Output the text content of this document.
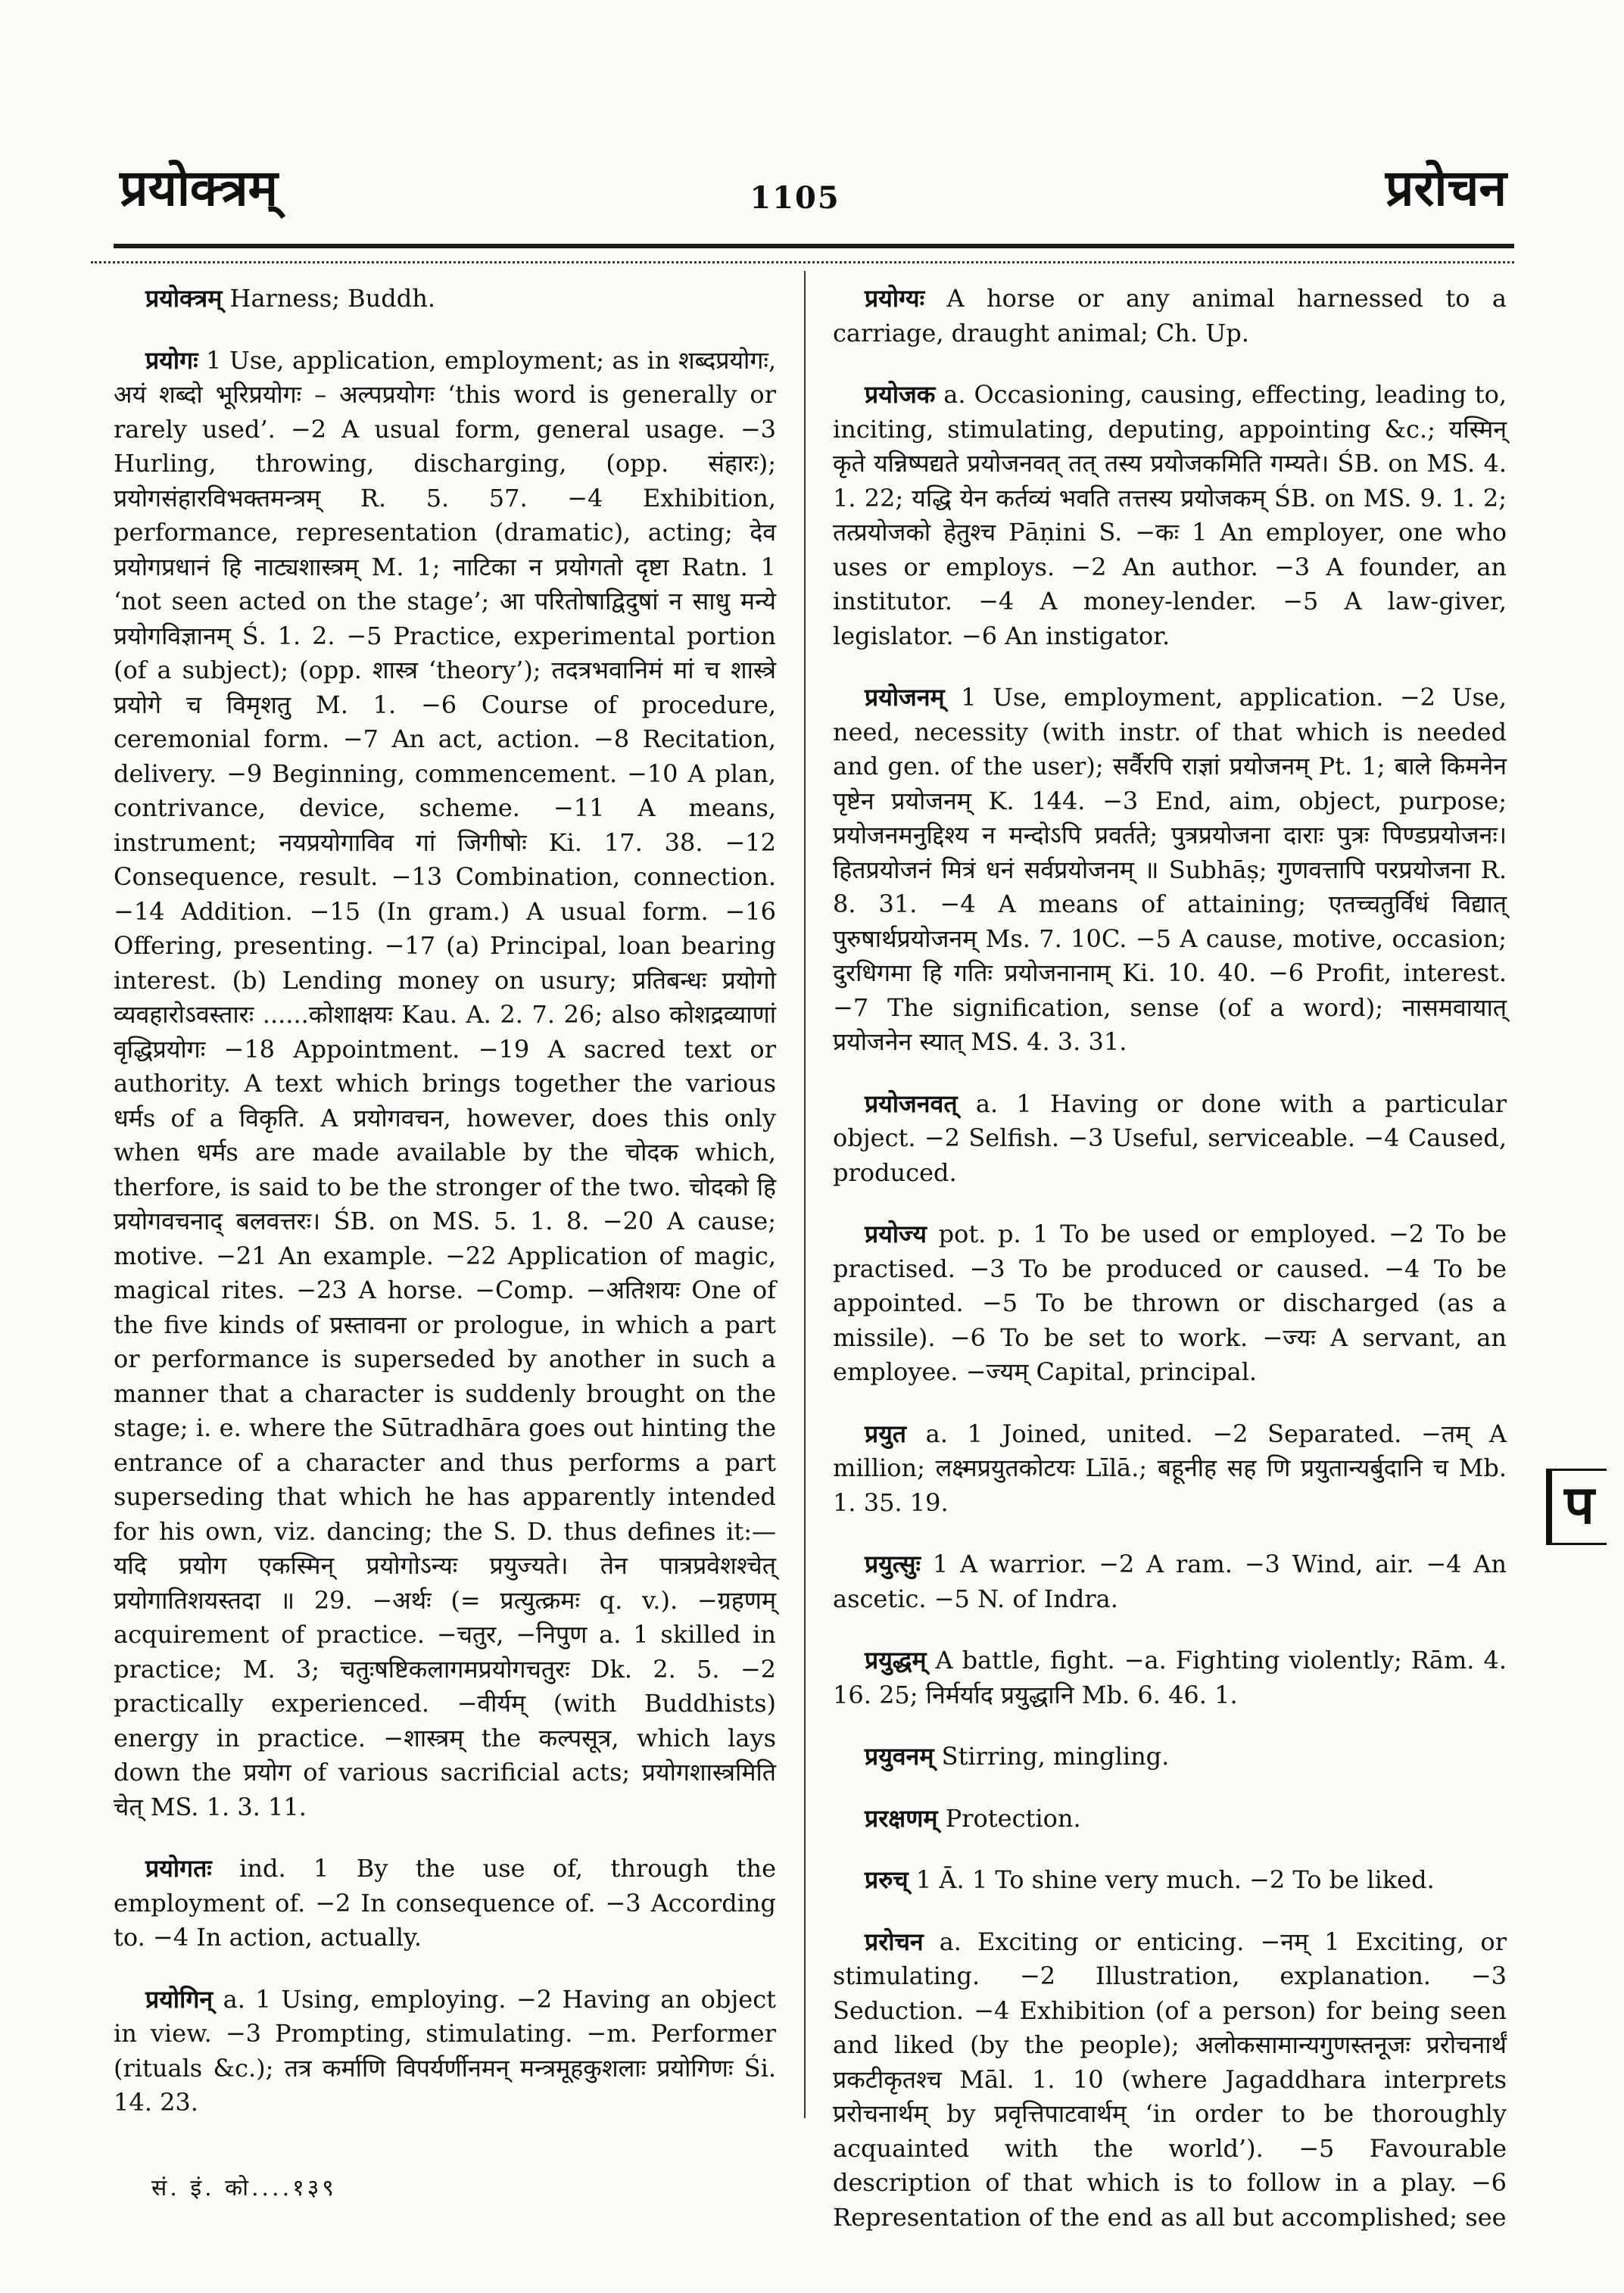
प्रयोक्त्रम्	1105	प्ररोचन

प्रयोक्त्रम् Harness; Buddh.

प्रयोगः 1 Use, application, employment; as in शब्दप्रयोगः, अयं शब्दो भूरिप्रयोगः – अल्पप्रयोगः ‘this word is generally or rarely used’. −2 A usual form, general usage. −3 Hurling, throwing, discharging, (opp. संहारः); प्रयोगसंहारविभक्तमन्त्रम् R. 5. 57. −4 Exhibition, performance, representation (dramatic), acting; देव प्रयोगप्रधानं हि नाट्यशास्त्रम् M. 1; नाटिका न प्रयोगतो दृष्टा Ratn. 1 ‘not seen acted on the stage’; आ परितोषाद्विदुषां न साधु मन्ये प्रयोगविज्ञानम् Ś. 1. 2. −5 Practice, experimental portion (of a subject); (opp. शास्त्र ‘theory’); तदत्रभवानिमं मां च शास्त्रे प्रयोगे च विमृशतु M. 1. −6 Course of procedure, ceremonial form. −7 An act, action. −8 Recitation, delivery. −9 Beginning, commencement. −10 A plan, contrivance, device, scheme. −11 A means, instrument; नयप्रयोगाविव गां जिगीषोः Ki. 17. 38. −12 Consequence, result. −13 Combination, connection. −14 Addition. −15 (In gram.) A usual form. −16 Offering, presenting. −17 (a) Principal, loan bearing interest. (b) Lending money on usury; प्रतिबन्धः प्रयोगो व्यवहारोऽवस्तारः ......कोशाक्षयः Kau. A. 2. 7. 26; also कोशद्रव्याणां वृद्धिप्रयोगः −18 Appointment. −19 A sacred text or authority. A text which brings together the various धर्मs of a विकृति. A प्रयोगवचन, however, does this only when धर्मs are made available by the चोदक which, therfore, is said to be the stronger of the two. चोदको हि प्रयोगवचनाद् बलवत्तरः। ŚB. on MS. 5. 1. 8. −20 A cause; motive. −21 An example. −22 Application of magic, magical rites. −23 A horse. −Comp. −अतिशयः One of the five kinds of प्रस्तावना or prologue, in which a part or performance is superseded by another in such a manner that a character is suddenly brought on the stage; i. e. where the Sūtradhāra goes out hinting the entrance of a character and thus performs a part superseding that which he has apparently intended for his own, viz. dancing; the S. D. thus defines it:—यदि प्रयोग एकस्मिन् प्रयोगोऽन्यः प्रयुज्यते। तेन पात्रप्रवेशश्चेत् प्रयोगातिशयस्तदा ॥ 29. −अर्थः (= प्रत्युत्क्रमः q. v.). −ग्रहणम् acquirement of practice. −चतुर, −निपुण a. 1 skilled in practice; M. 3; चतुःषष्टिकलागमप्रयोगचतुरः Dk. 2. 5. −2 practically experienced. −वीर्यम् (with Buddhists) energy in practice. −शास्त्रम् the कल्पसूत्र, which lays down the प्रयोग of various sacrificial acts; प्रयोगशास्त्रमिति चेत् MS. 1. 3. 11.

प्रयोगतः ind. 1 By the use of, through the employment of. −2 In consequence of. −3 According to. −4 In action, actually.

प्रयोगिन् a. 1 Using, employing. −2 Having an object in view. −3 Prompting, stimulating. −m. Performer (rituals &c.); तत्र कर्माणि विपर्यर्णीनमन् मन्त्रमूहकुशलाः प्रयोगिणः Śi. 14. 23.

प्रयोग्यः A horse or any animal harnessed to a carriage, draught animal; Ch. Up.

प्रयोजक a. Occasioning, causing, effecting, leading to, inciting, stimulating, deputing, appointing &c.; यस्मिन् कृते यन्निष्पद्यते प्रयोजनवत् तत् तस्य प्रयोजकमिति गम्यते। ŚB. on MS. 4. 1. 22; यद्धि येन कर्तव्यं भवति तत्तस्य प्रयोजकम् ŚB. on MS. 9. 1. 2; तत्प्रयोजको हेतुश्च Pāṇini S. −कः 1 An employer, one who uses or employs. −2 An author. −3 A founder, an institutor. −4 A money-lender. −5 A law-giver, legislator. −6 An instigator.

प्रयोजनम् 1 Use, employment, application. −2 Use, need, necessity (with instr. of that which is needed and gen. of the user); सर्वैरपि राज्ञां प्रयोजनम् Pt. 1; बाले किमनेन पृष्टेन प्रयोजनम् K. 144. −3 End, aim, object, purpose; प्रयोजनमनुद्दिश्य न मन्दोऽपि प्रवर्तते; पुत्रप्रयोजना दाराः पुत्रः पिण्डप्रयोजनः। हितप्रयोजनं मित्रं धनं सर्वप्रयोजनम् ॥ Subhāṣ; गुणवत्तापि परप्रयोजना R. 8. 31. −4 A means of attaining; एतच्चतुर्विधं विद्यात् पुरुषार्थप्रयोजनम् Ms. 7. 10C. −5 A cause, motive, occasion; दुरधिगमा हि गतिः प्रयोजनानाम् Ki. 10. 40. −6 Profit, interest. −7 The signification, sense (of a word); नासमवायात् प्रयोजनेन स्यात् MS. 4. 3. 31.

प्रयोजनवत् a. 1 Having or done with a particular object. −2 Selfish. −3 Useful, serviceable. −4 Caused, produced.

प्रयोज्य pot. p. 1 To be used or employed. −2 To be practised. −3 To be produced or caused. −4 To be appointed. −5 To be thrown or discharged (as a missile). −6 To be set to work. −ज्यः A servant, an employee. −ज्यम् Capital, principal.

प्रयुत a. 1 Joined, united. −2 Separated. −तम् A million; लक्ष्मप्रयुतकोटयः Līlā.; बहूनीह सह णि प्रयुतान्यर्बुदानि च Mb. 1. 35. 19.

प्रयुत्सुः 1 A warrior. −2 A ram. −3 Wind, air. −4 An ascetic. −5 N. of Indra.

प्रयुद्धम् A battle, fight. −a. Fighting violently; Rām. 4. 16. 25; निर्मर्याद प्रयुद्धानि Mb. 6. 46. 1.

प्रयुवनम् Stirring, mingling.

प्ररक्षणम् Protection.

प्ररुच् 1 Ā. 1 To shine very much. −2 To be liked.

प्ररोचन a. Exciting or enticing. −नम् 1 Exciting, or stimulating. −2 Illustration, explanation. −3 Seduction. −4 Exhibition (of a person) for being seen and liked (by the people); अलोकसामान्यगुणस्तनूजः प्ररोचनार्थं प्रकटीकृतश्च Māl. 1. 10 (where Jagaddhara interprets प्ररोचनार्थम् by प्रवृत्तिपाटवार्थम् ‘in order to be thoroughly acquainted with the world’). −5 Favourable description of that which is to follow in a play. −6 Representation of the end as all but accomplished; see

प
सं. इं. को....१३९
